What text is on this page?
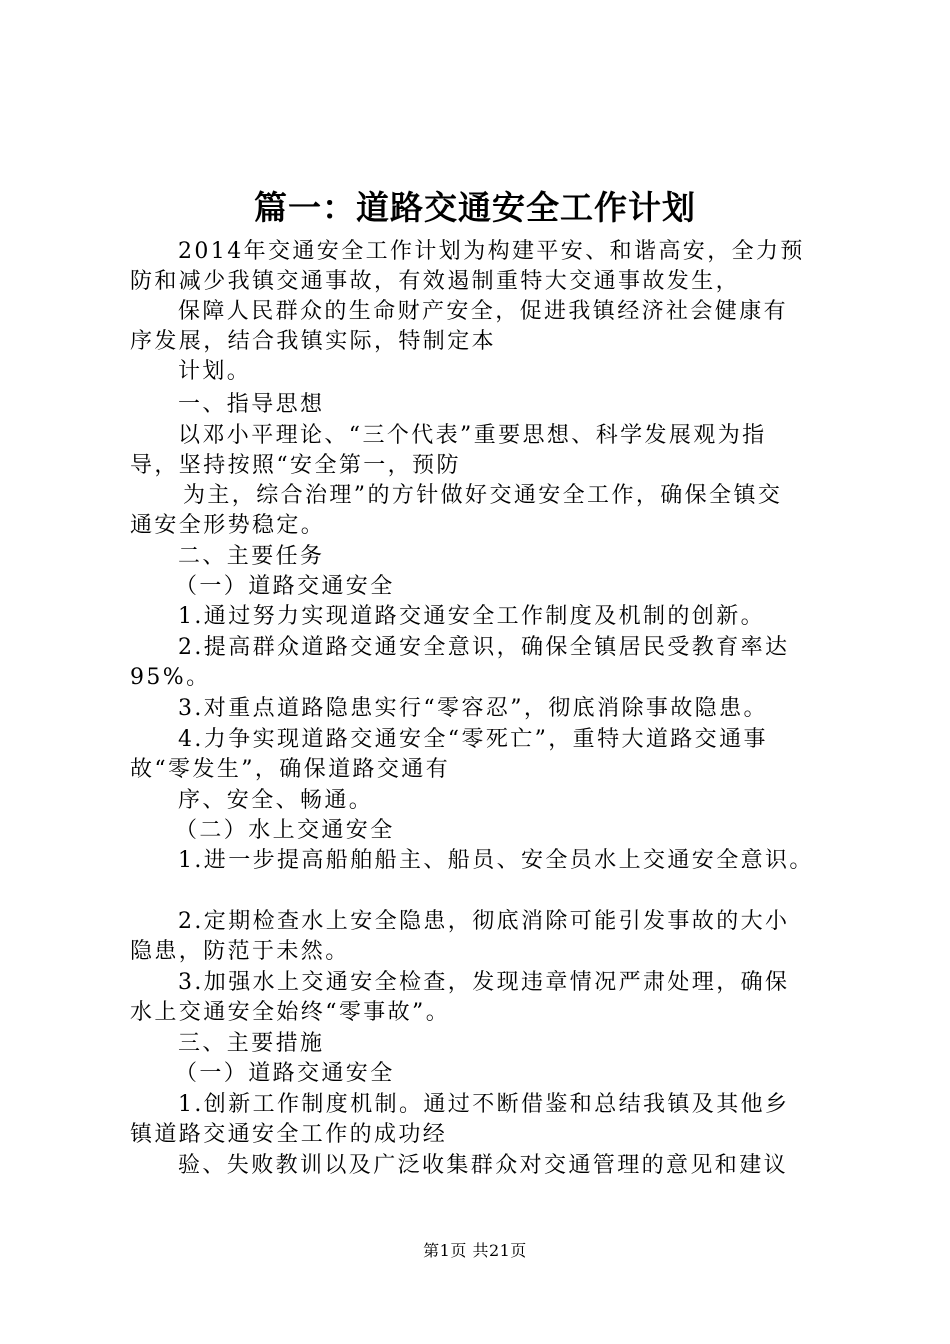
篇一：道路交通安全工作计划
2014年交通安全工作计划为构建平安、和谐高安，全力预
防和减少我镇交通事故，有效遏制重特大交通事故发生，
保障人民群众的生命财产安全，促进我镇经济社会健康有
序发展，结合我镇实际，特制定本
计划。
一、指导思想
以邓小平理论、“三个代表”重要思想、科学发展观为指
导，坚持按照“安全第一，预防
为主，综合治理”的方针做好交通安全工作，确保全镇交
通安全形势稳定。
二、主要任务
（一）道路交通安全
1.通过努力实现道路交通安全工作制度及机制的创新。
2.提高群众道路交通安全意识，确保全镇居民受教育率达
95%。
3.对重点道路隐患实行“零容忍”，彻底消除事故隐患。
4.力争实现道路交通安全“零死亡”，重特大道路交通事
故“零发生”，确保道路交通有
序、安全、畅通。
（二）水上交通安全
1.进一步提高船舶船主、船员、安全员水上交通安全意识。
2.定期检查水上安全隐患，彻底消除可能引发事故的大小
隐患，防范于未然。
3.加强水上交通安全检查，发现违章情况严肃处理，确保
水上交通安全始终“零事故”。
三、主要措施
（一）道路交通安全
1.创新工作制度机制。通过不断借鉴和总结我镇及其他乡
镇道路交通安全工作的成功经
验、失败教训以及广泛收集群众对交通管理的意见和建议
第1页 共21页
